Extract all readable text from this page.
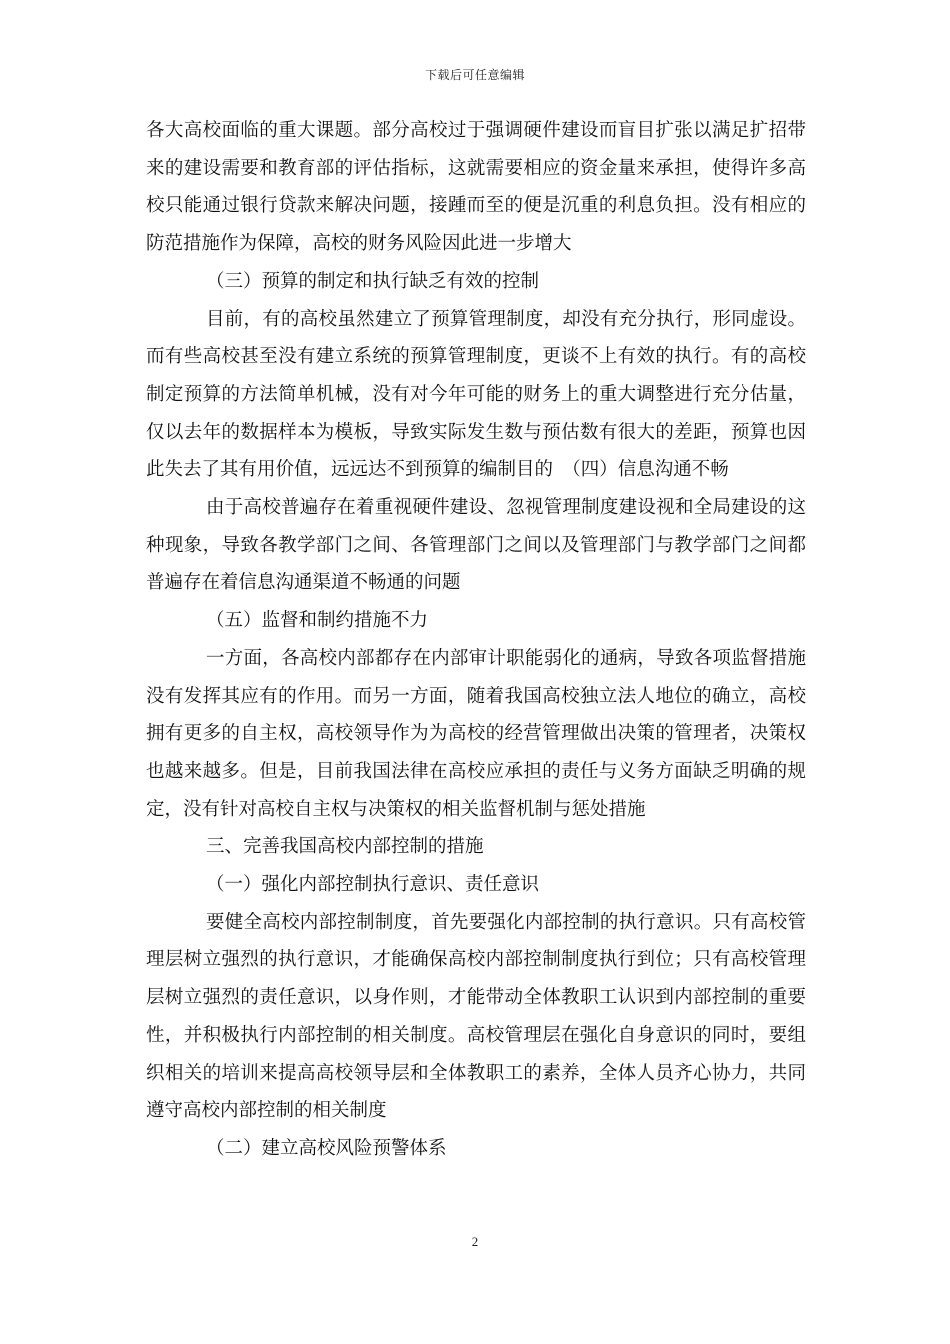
下载后可任意编辑

各大高校面临的重大课题。部分高校过于强调硬件建设而盲目扩张以满足扩招带来的建设需要和教育部的评估指标，这就需要相应的资金量来承担，使得许多高校只能通过银行贷款来解决问题，接踵而至的便是沉重的利息负担。没有相应的防范措施作为保障，高校的财务风险因此进一步增大

（三）预算的制定和执行缺乏有效的控制

目前，有的高校虽然建立了预算管理制度，却没有充分执行，形同虚设。而有些高校甚至没有建立系统的预算管理制度，更谈不上有效的执行。有的高校制定预算的方法简单机械，没有对今年可能的财务上的重大调整进行充分估量，仅以去年的数据样本为模板，导致实际发生数与预估数有很大的差距，预算也因此失去了其有用价值，远远达不到预算的编制目的　（四）信息沟通不畅

由于高校普遍存在着重视硬件建设、忽视管理制度建设视和全局建设的这种现象，导致各教学部门之间、各管理部门之间以及管理部门与教学部门之间都普遍存在着信息沟通渠道不畅通的问题

（五）监督和制约措施不力

一方面，各高校内部都存在内部审计职能弱化的通病，导致各项监督措施没有发挥其应有的作用。而另一方面，随着我国高校独立法人地位的确立，高校拥有更多的自主权，高校领导作为为高校的经营管理做出决策的管理者，决策权也越来越多。但是，目前我国法律在高校应承担的责任与义务方面缺乏明确的规定，没有针对高校自主权与决策权的相关监督机制与惩处措施

三、完善我国高校内部控制的措施

（一）强化内部控制执行意识、责任意识

要健全高校内部控制制度，首先要强化内部控制的执行意识。只有高校管理层树立强烈的执行意识，才能确保高校内部控制制度执行到位；只有高校管理层树立强烈的责任意识，以身作则，才能带动全体教职工认识到内部控制的重要性，并积极执行内部控制的相关制度。高校管理层在强化自身意识的同时，要组织相关的培训来提高高校领导层和全体教职工的素养，全体人员齐心协力，共同遵守高校内部控制的相关制度

（二）建立高校风险预警体系

2
